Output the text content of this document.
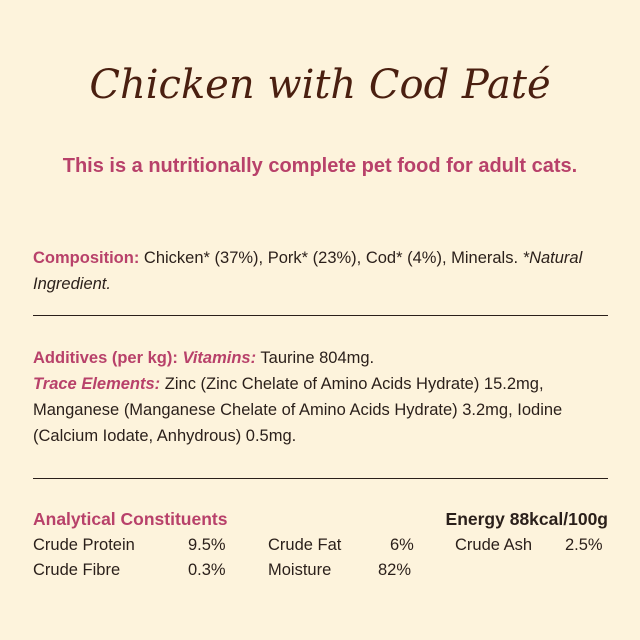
Chicken with Cod Paté
This is a nutritionally complete pet food for adult cats.
Composition: Chicken* (37%), Pork* (23%), Cod* (4%), Minerals. *Natural Ingredient.
Additives (per kg): Vitamins: Taurine 804mg.
Trace Elements: Zinc (Zinc Chelate of Amino Acids Hydrate) 15.2mg, Manganese (Manganese Chelate of Amino Acids Hydrate) 3.2mg, Iodine (Calcium Iodate, Anhydrous) 0.5mg.
Analytical Constituents	Energy 88kcal/100g
Crude Protein	9.5%	Crude Fat	6% Crude Ash 2.5%
Crude Fibre	0.3%	Moisture	82%
